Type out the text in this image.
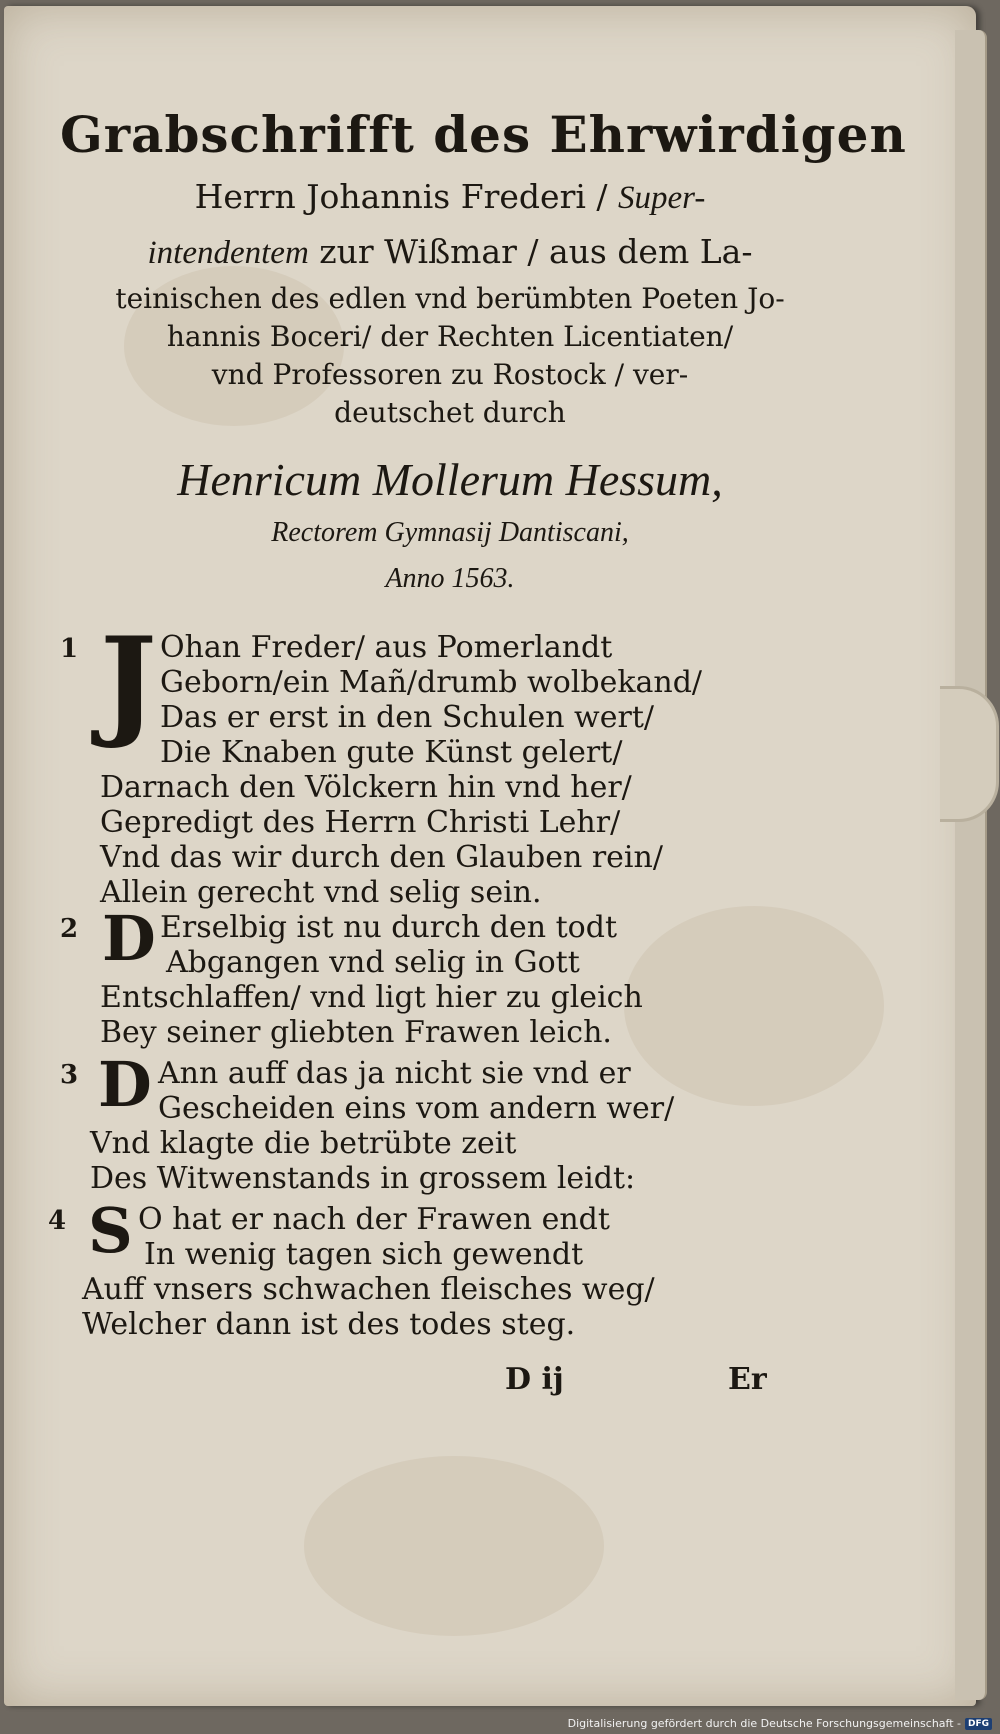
Grabschrifft des Ehrwirdigen
Herrn Johannis Frederi / Super-
intendentem zur Wißmar / aus dem La-
teinischen des edlen vnd berümbten Poeten Jo-
hannis Boceri/ der Rechten Licentiaten/
vnd Professoren zu Rostock / ver-
deutschet durch
Henricum Mollerum Hessum,
Rectorem Gymnasij Dantiscani,
Anno 1563.
1 J Ohan Freder/ aus Pomerlandt
Geborn/ein Mañ/drumb wolbekand/
Das er erst in den Schulen wert/
Die Knaben gute Künst gelert/
Darnach den Völckern hin vnd her/
Gepredigt des Herrn Christi Lehr/
Vnd das wir durch den Glauben rein/
Allein gerecht vnd selig sein.
2 D Erselbig ist nu durch den todt
Abgangen vnd selig in Gott
Entschlaffen/ vnd ligt hier zu gleich
Bey seiner gliebten Frawen leich.
3 D Ann auff das ja nicht sie vnd er
Gescheiden eins vom andern wer/
Vnd klagte die betrübte zeit
Des Witwenstands in grossem leidt:
4 S O hat er nach der Frawen endt
In wenig tagen sich gewendt
Auff vnsers schwachen fleisches weg/
Welcher dann ist des todes steg.
D ij	Er
Digitalisierung gefördert durch die Deutsche Forschungsgemeinschaft - DFG
